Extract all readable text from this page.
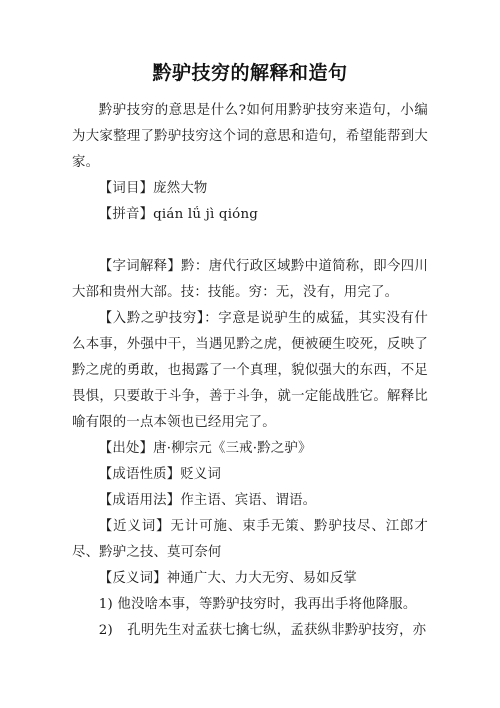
黔驴技穷的解释和造句

黔驴技穷的意思是什么?如何用黔驴技穷来造句，小编为大家整理了黔驴技穷这个词的意思和造句，希望能帮到大家。

【词目】庞然大物

【拼音】qián lǘ jì qióng

【字词解释】黔：唐代行政区域黔中道简称，即今四川大部和贵州大部。技：技能。穷：无，没有，用完了。

【入黔之驴技穷】：字意是说驴生的威猛，其实没有什么本事，外强中干，当遇见黔之虎，便被硬生咬死，反映了黔之虎的勇敢，也揭露了一个真理，貌似强大的东西，不足畏惧，只要敢于斗争，善于斗争，就一定能战胜它。解释比喻有限的一点本领也已经用完了。

【出处】唐·柳宗元《三戒·黔之驴》

【成语性质】贬义词

【成语用法】作主语、宾语、谓语。

【近义词】无计可施、束手无策、黔驴技尽、江郎才尽、黔驴之技、莫可奈何

【反义词】神通广大、力大无穷、易如反掌

1) 他没啥本事，等黔驴技穷时，我再出手将他降服。

2) 孔明先生对孟获七擒七纵，孟获纵非黔驴技穷，亦
